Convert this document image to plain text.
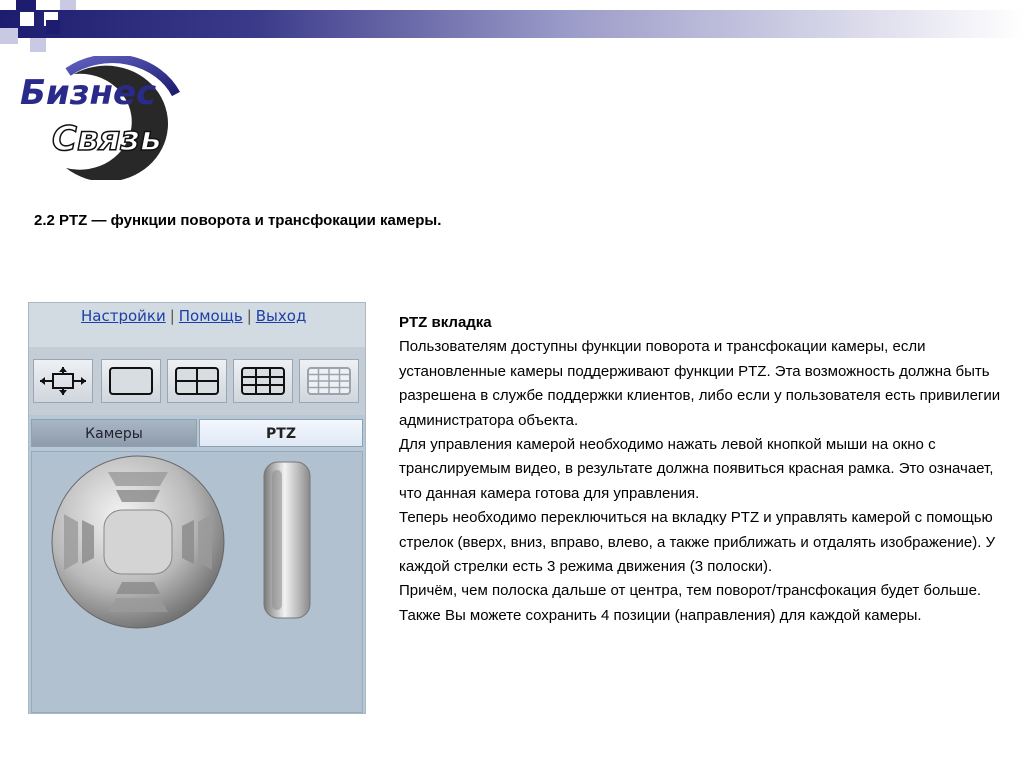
Бизнес
Связь
2.2 PTZ — функции поворота и трансфокации камеры.
Настройки | Помощь | Выход
Камеры	PTZ

PTZ вкладка

Пользователям доступны функции поворота и трансфокации камеры, если установленные камеры поддерживают функции PTZ. Эта возможность должна быть разрешена в службе поддержки клиентов, либо если у пользователя есть привилегии администратора объекта.

Для управления камерой необходимо нажать левой кнопкой мыши на окно с транслируемым видео, в результате должна появиться красная рамка. Это означает, что данная камера готова для управления.

Теперь необходимо переключиться на вкладку PTZ и управлять камерой с помощью стрелок (вверх, вниз, вправо, влево, а также приближать и отдалять изображение). У каждой стрелки есть 3 режима движения (3 полоски).

Причём, чем полоска дальше от центра, тем поворот/трансфокация будет больше.

Также Вы можете сохранить 4 позиции (направления) для каждой камеры.
